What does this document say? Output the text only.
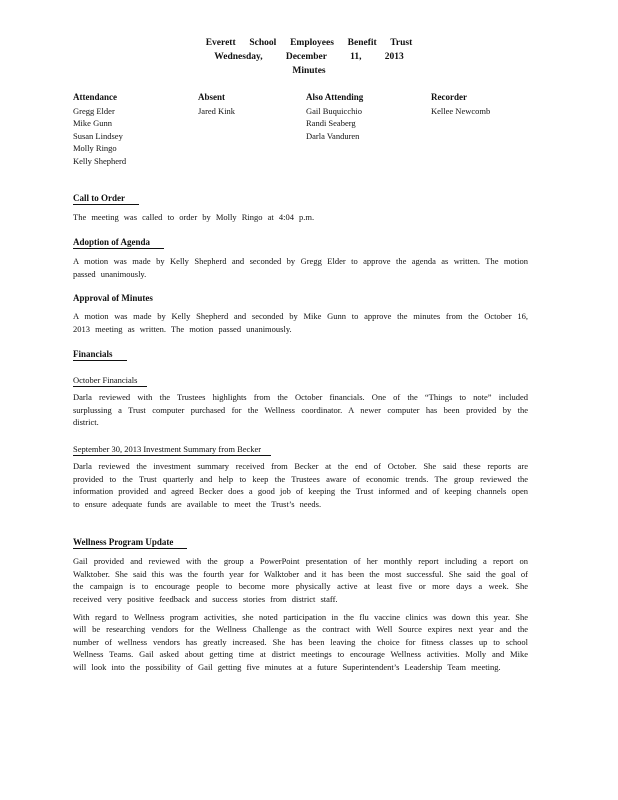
Everett School Employees Benefit Trust
Wednesday, December 11, 2013
Minutes
Attendance
Gregg Elder
Mike Gunn
Susan Lindsey
Molly Ringo
Kelly Shepherd
Absent
Jared Kink
Also Attending
Gail Buquicchio
Randi Seaberg
Darla Vanduren
Recorder
Kellee Newcomb
Call to Order
The meeting was called to order by Molly Ringo at 4:04 p.m.
Adoption of Agenda
A motion was made by Kelly Shepherd and seconded by Gregg Elder to approve the agenda as written. The motion passed unanimously.
Approval of Minutes
A motion was made by Kelly Shepherd and seconded by Mike Gunn to approve the minutes from the October 16, 2013 meeting as written. The motion passed unanimously.
Financials
October Financials
Darla reviewed with the Trustees highlights from the October financials. One of the “Things to note” included surplussing a Trust computer purchased for the Wellness coordinator. A newer computer has been provided by the district.
September 30, 2013 Investment Summary from Becker
Darla reviewed the investment summary received from Becker at the end of October. She said these reports are provided to the Trust quarterly and help to keep the Trustees aware of economic trends. The group reviewed the information provided and agreed Becker does a good job of keeping the Trust informed and of keeping channels open to ensure adequate funds are available to meet the Trust’s needs.
Wellness Program Update
Gail provided and reviewed with the group a PowerPoint presentation of her monthly report including a report on Walktober. She said this was the fourth year for Walktober and it has been the most successful. She said the goal of the campaign is to encourage people to become more physically active at least five or more days a week. She received very positive feedback and success stories from district staff.
With regard to Wellness program activities, she noted participation in the flu vaccine clinics was down this year. She will be researching vendors for the Wellness Challenge as the contract with Well Source expires next year and the number of wellness vendors has greatly increased. She has been leaving the choice for fitness classes up to school Wellness Teams. Gail asked about getting time at district meetings to encourage Wellness activities. Molly and Mike will look into the possibility of Gail getting five minutes at a future Superintendent’s Leadership Team meeting.
